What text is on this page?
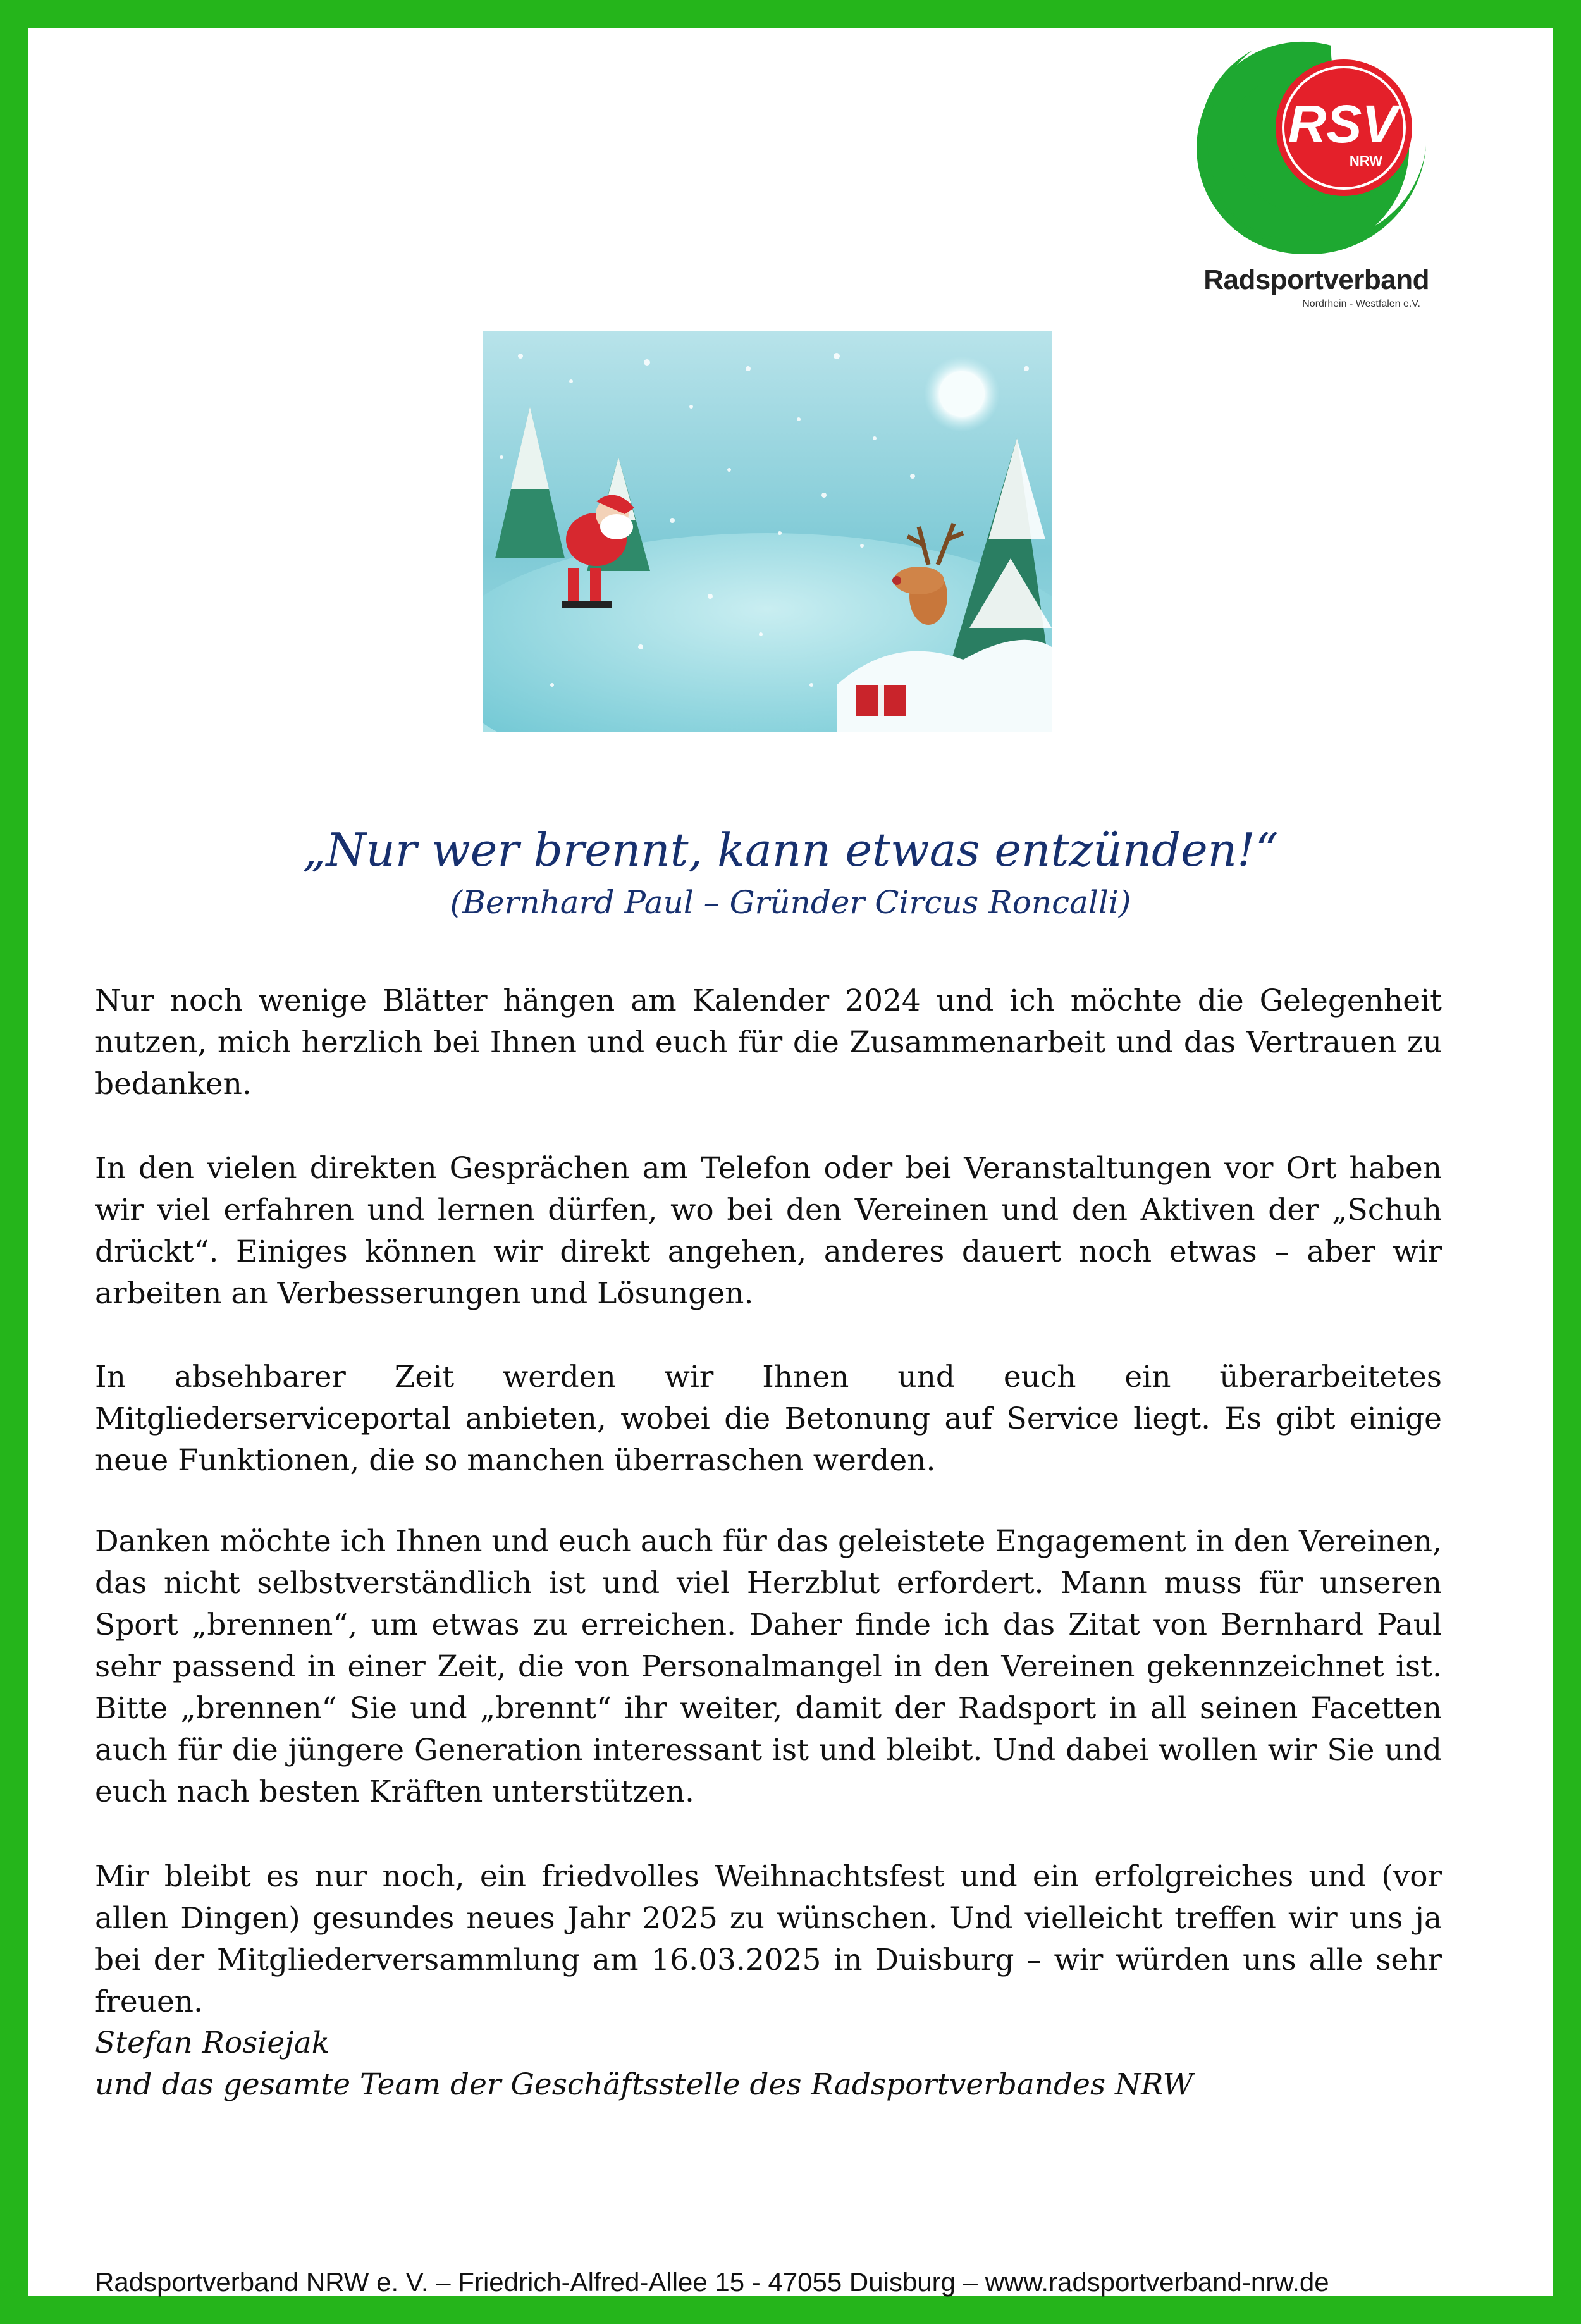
RSV
NRW
Radsportverband
Nordrhein - Westfalen e.V.
„Nur wer brennt, kann etwas entzünden!“
(Bernhard Paul – Gründer Circus Roncalli)
Nur noch wenige Blätter hängen am Kalender 2024 und ich möchte die Gelegenheit nutzen, mich herzlich bei Ihnen und euch für die Zusammenarbeit und das Vertrauen zu bedanken.
In den vielen direkten Gesprächen am Telefon oder bei Veranstaltungen vor Ort haben wir viel erfahren und lernen dürfen, wo bei den Vereinen und den Aktiven der „Schuh drückt“. Einiges können wir direkt angehen, anderes dauert noch etwas – aber wir arbeiten an Verbesserungen und Lösungen.
In absehbarer Zeit werden wir Ihnen und euch ein überarbeitetes Mitgliederserviceportal anbieten, wobei die Betonung auf Service liegt. Es gibt einige neue Funktionen, die so manchen überraschen werden.
Danken möchte ich Ihnen und euch auch für das geleistete Engagement in den Vereinen, das nicht selbstverständlich ist und viel Herzblut erfordert. Mann muss für unseren Sport „brennen“, um etwas zu erreichen. Daher finde ich das Zitat von Bernhard Paul sehr passend in einer Zeit, die von Personalmangel in den Vereinen gekennzeichnet ist. Bitte „brennen“ Sie und „brennt“ ihr weiter, damit der Radsport in all seinen Facetten auch für die jüngere Generation interessant ist und bleibt. Und dabei wollen wir Sie und euch nach besten Kräften unterstützen.
Mir bleibt es nur noch, ein friedvolles Weihnachtsfest und ein erfolgreiches und (vor allen Dingen) gesundes neues Jahr 2025 zu wünschen. Und vielleicht treffen wir uns ja bei der Mitgliederversammlung am 16.03.2025 in Duisburg – wir würden uns alle sehr freuen.
Stefan Rosiejak
und das gesamte Team der Geschäftsstelle des Radsportverbandes NRW
Radsportverband NRW e. V. – Friedrich-Alfred-Allee 15 - 47055 Duisburg – www.radsportverband-nrw.de
